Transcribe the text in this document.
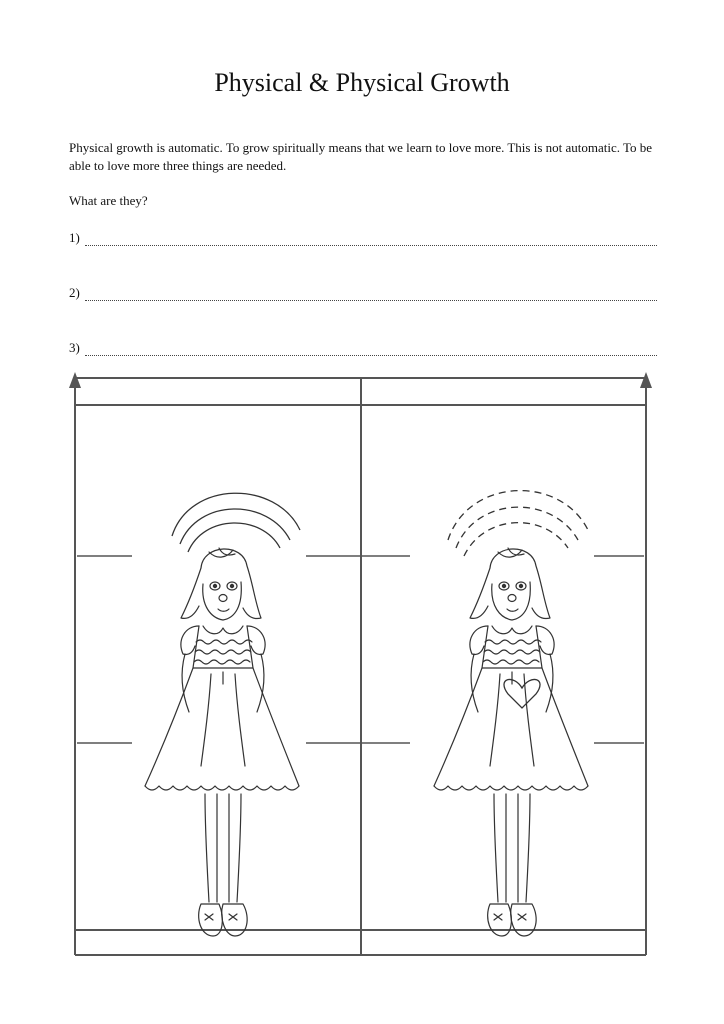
Physical & Physical Growth

Physical growth is automatic. To grow spiritually means that we learn to love more. This is not automatic. To be able to love more three things are needed.

What are they?

1)
2)
3)
